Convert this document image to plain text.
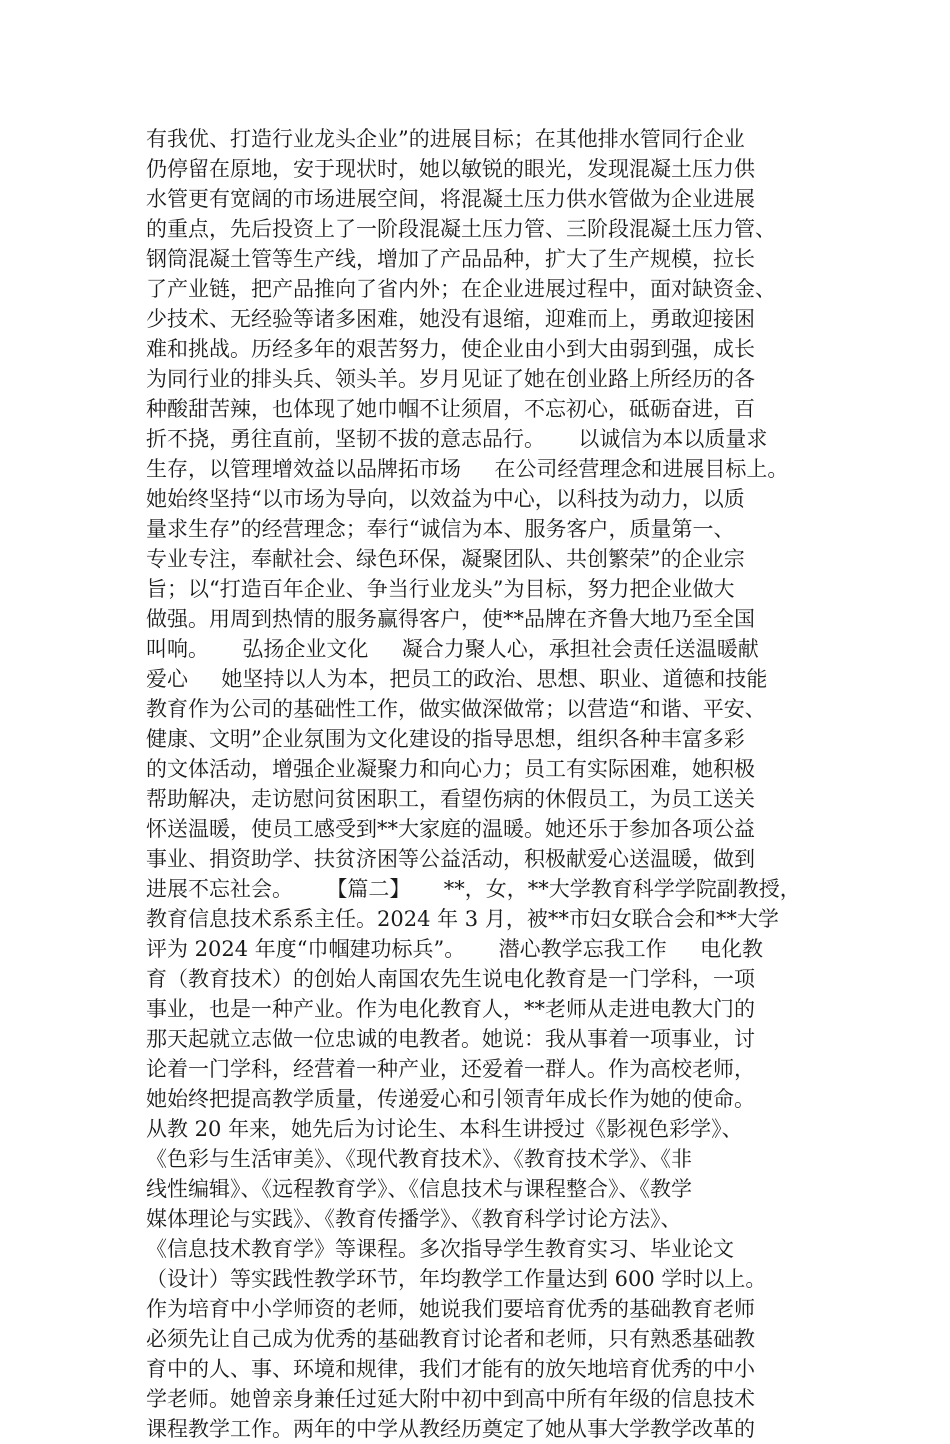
有我优、打造行业龙头企业”的进展目标；在其他排水管同行企业
仍停留在原地，安于现状时，她以敏锐的眼光，发现混凝土压力供
水管更有宽阔的市场进展空间，将混凝土压力供水管做为企业进展
的重点，先后投资上了一阶段混凝土压力管、三阶段混凝土压力管、
钢筒混凝土管等生产线，增加了产品品种，扩大了生产规模，拉长
了产业链，把产品推向了省内外；在企业进展过程中，面对缺资金、
少技术、无经验等诸多困难，她没有退缩，迎难而上，勇敢迎接困
难和挑战。历经多年的艰苦努力，使企业由小到大由弱到强，成长
为同行业的排头兵、领头羊。岁月见证了她在创业路上所经历的各
种酸甜苦辣，也体现了她巾帼不让须眉，不忘初心，砥砺奋进，百
折不挠，勇往直前，坚韧不拔的意志品行。     以诚信为本以质量求
生存，以管理增效益以品牌拓市场     在公司经营理念和进展目标上。
她始终坚持“以市场为导向，以效益为中心，以科技为动力，以质
量求生存”的经营理念；奉行“诚信为本、服务客户，质量第一、
专业专注，奉献社会、绿色环保，凝聚团队、共创繁荣”的企业宗
旨；以“打造百年企业、争当行业龙头”为目标，努力把企业做大
做强。用周到热情的服务赢得客户，使**品牌在齐鲁大地乃至全国
叫响。     弘扬企业文化     凝合力聚人心，承担社会责任送温暖献
爱心     她坚持以人为本，把员工的政治、思想、职业、道德和技能
教育作为公司的基础性工作，做实做深做常；以营造“和谐、平安、
健康、文明”企业氛围为文化建设的指导思想，组织各种丰富多彩
的文体活动，增强企业凝聚力和向心力；员工有实际困难，她积极
帮助解决，走访慰问贫困职工，看望伤病的休假员工，为员工送关
怀送温暖，使员工感受到**大家庭的温暖。她还乐于参加各项公益
事业、捐资助学、扶贫济困等公益活动，积极献爱心送温暖，做到
进展不忘社会。     【篇二】     **，女，**大学教育科学学院副教授，
教育信息技术系系主任。2024 年 3 月，被**市妇女联合会和**大学
评为 2024 年度“巾帼建功标兵”。     潜心教学忘我工作     电化教
育（教育技术）的创始人南国农先生说电化教育是一门学科，一项
事业，也是一种产业。作为电化教育人，**老师从走进电教大门的
那天起就立志做一位忠诚的电教者。她说：我从事着一项事业，讨
论着一门学科，经营着一种产业，还爱着一群人。作为高校老师，
她始终把提高教学质量，传递爱心和引领青年成长作为她的使命。
从教 20 年来，她先后为讨论生、本科生讲授过《影视色彩学》、
《色彩与生活审美》、《现代教育技术》、《教育技术学》、《非
线性编辑》、《远程教育学》、《信息技术与课程整合》、《教学
媒体理论与实践》、《教育传播学》、《教育科学讨论方法》、
《信息技术教育学》等课程。多次指导学生教育实习、毕业论文
（设计）等实践性教学环节，年均教学工作量达到 600 学时以上。
作为培育中小学师资的老师，她说我们要培育优秀的基础教育老师
必须先让自己成为优秀的基础教育讨论者和老师，只有熟悉基础教
育中的人、事、环境和规律，我们才能有的放矢地培育优秀的中小
学老师。她曾亲身兼任过延大附中初中到高中所有年级的信息技术
课程教学工作。两年的中学从教经历奠定了她从事大学教学改革的
